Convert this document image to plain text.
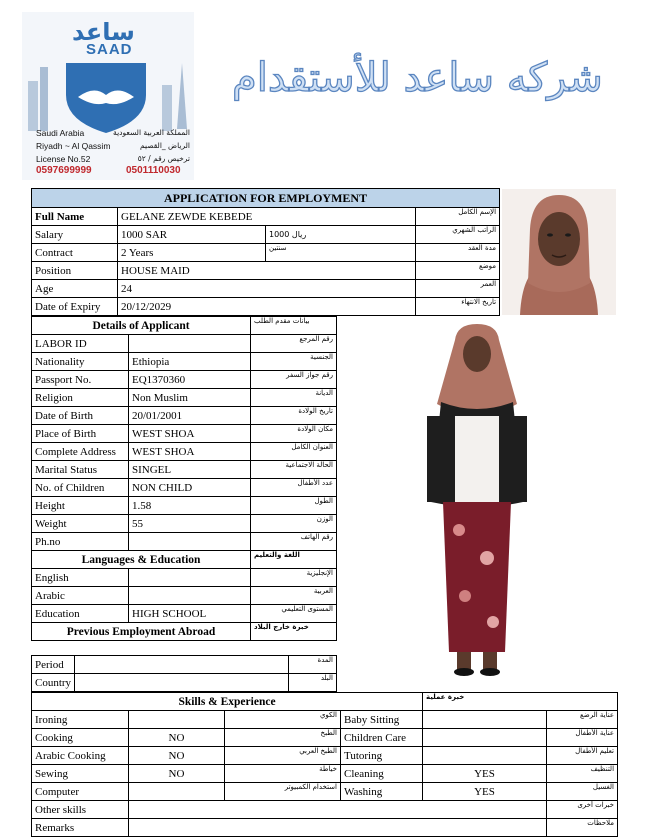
ساعد
SAAD
Saudi Arabia
Riyadh ~ Al Qassim
License No.52
0597699999
المملكة العربية السعودية
الرياض _القصيم
ترخيص رقم / ٥٢
0501110030
شركه ساعد للأستقدام
APPLICATION FOR EMPLOYMENT			
Full Name	GELANE ZEWDE KEBEDE		الإسم الكامل
Salary	1000 SAR	1000 ريال	الراتب الشهري
Contract	2 Years	سنتين	مدة العقد
Position	HOUSE MAID		موضع
Age	24		العمر
Date of Expiry	20/12/2029		تاريخ الانتهاء
Details of Applicant		بيانات مقدم الطلب
LABOR ID		رقم المرجع
Nationality	Ethiopia	الجنسية
Passport No.	EQ1370360	رقم جواز السفر
Religion	Non Muslim	الديانة
Date of Birth	20/01/2001	تاريخ الولادة
Place of Birth	WEST SHOA	مكان الولادة
Complete Address	WEST SHOA	العنوان الكامل
Marital Status	SINGEL	الحالة الاجتماعية
No. of Children	NON CHILD	عدد الأطفال
Height	1.58	الطول
Weight	55	الوزن
Ph.no		رقم الهاتف
Languages & Education		اللغة والتعليم
English		الإنجليزية
Arabic		العربية
Education	HIGH SCHOOL	المستوى التعليمي
Previous Employment Abroad		خبرة خارج البلاد
Period		المدة
Country		البلد
Skills & Experience				خبرة عملية	
Ironing		الكوي	Baby Sitting		عناية الرضع
Cooking	NO	الطبخ	Children Care		عناية الأطفال
Arabic Cooking	NO	الطبخ العربي	Tutoring		تعليم الأطفال
Sewing	NO	خياطة	Cleaning	YES	التنظيف
Computer		استخدام الكمبيوتر	Washing	YES	الغسيل
Other skills					خبرات أخرى
Remarks					ملاحظات
